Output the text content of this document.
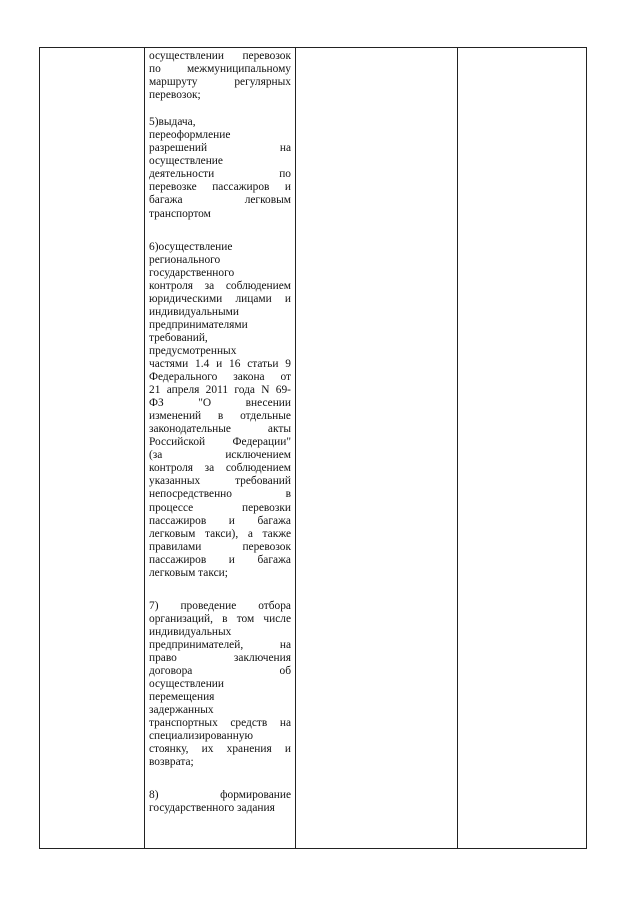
осуществлении перевозок
по межмуниципальному
маршруту	регулярных
перевозок;
5)выдача,
переоформление
разрешений	на
осуществление
деятельности	по
перевозке пассажиров и
багажа	легковым
транспортом
6)осуществление
регионального
государственного
контроля за соблюдением
юридическими лицами и
индивидуальными
предпринимателями
требований,
предусмотренных
частями 1.4 и 16 статьи 9
Федерального закона от
21 апреля 2011 года N 69-
ФЗ	"О	внесении
изменений в отдельные
законодательные	акты
Российской Федерации"
(за	исключением
контроля за соблюдением
указанных	требований
непосредственно	в
процессе	перевозки
пассажиров и багажа
легковым такси), а также
правилами	перевозок
пассажиров и багажа
легковым такси;
7) проведение отбора
организаций, в том числе
индивидуальных
предпринимателей,	на
право	заключения
договора	об
осуществлении
перемещения
задержанных
транспортных средств на
специализированную
стоянку, их хранения и
возврата;
8)	формирование
государственного задания
